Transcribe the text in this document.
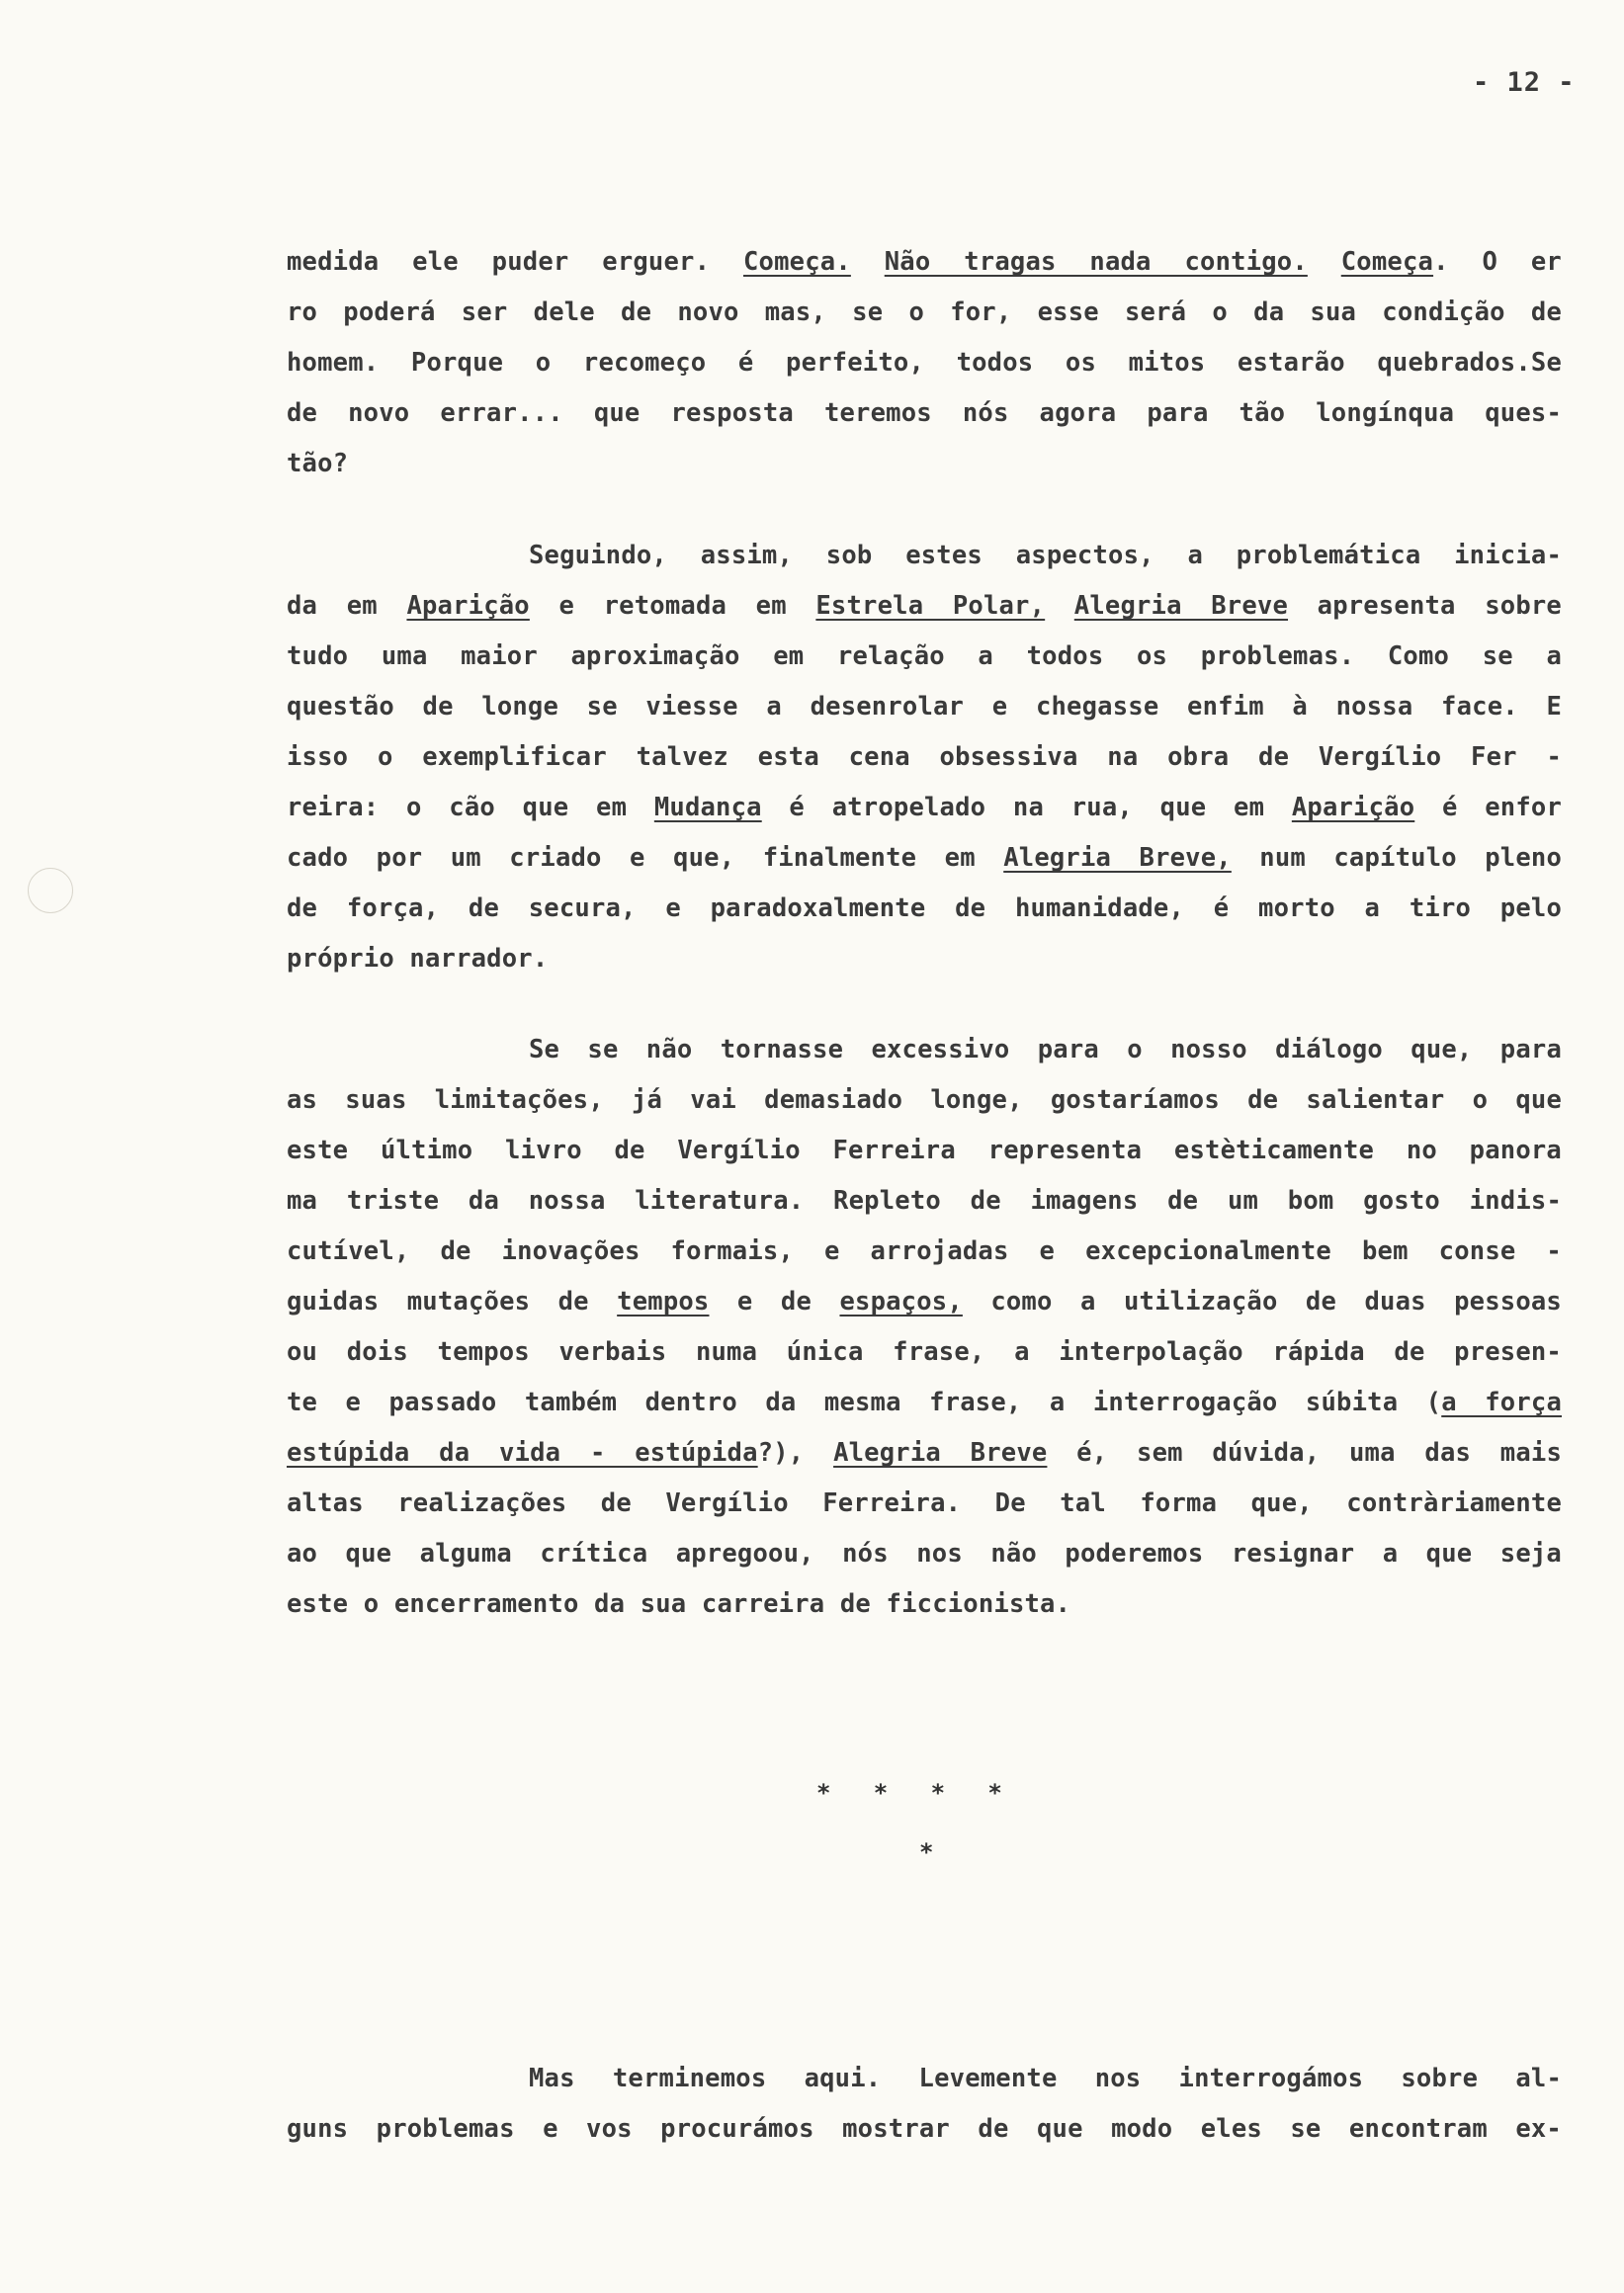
- 12 -
medida ele puder erguer. Começa. Não tragas nada contigo. Começa. O er
ro poderá ser dele de novo mas, se o for, esse será o da sua condição de
homem. Porque o recomeço é perfeito, todos os mitos estarão quebrados.Se
de novo errar... que resposta teremos nós agora para tão longínqua ques-
tão?
Seguindo, assim, sob estes aspectos, a problemática inicia-
da em Aparição e retomada em Estrela Polar, Alegria Breve apresenta sobre
tudo uma maior aproximação em relação a todos os problemas. Como se a
questão de longe se viesse a desenrolar e chegasse enfim à nossa face. E
isso o exemplificar talvez esta cena obsessiva na obra de Vergílio Fer -
reira: o cão que em Mudança é atropelado na rua, que em Aparição é enfor
cado por um criado e que, finalmente em Alegria Breve, num capítulo pleno
de força, de secura, e paradoxalmente de humanidade, é morto a tiro pelo
próprio narrador.
Se se não tornasse excessivo para o nosso diálogo que, para
as suas limitações, já vai demasiado longe, gostaríamos de salientar o que
este último livro de Vergílio Ferreira representa estèticamente no panora
ma triste da nossa literatura. Repleto de imagens de um bom gosto indis-
cutível, de inovações formais, e arrojadas e excepcionalmente bem conse -
guidas mutações de tempos e de espaços, como a utilização de duas pessoas
ou dois tempos verbais numa única frase, a interpolação rápida de presen-
te e passado também dentro da mesma frase, a interrogação súbita (a força
estúpida da vida - estúpida?), Alegria Breve é, sem dúvida, uma das mais
altas realizações de Vergílio Ferreira. De tal forma que, contràriamente
ao que alguma crítica apregoou, nós nos não poderemos resignar a que seja
este o encerramento da sua carreira de ficcionista.
*   *   *   *
*
Mas terminemos aqui. Levemente nos interrogámos sobre al-
guns problemas e vos procurámos mostrar de que modo eles se encontram ex-
